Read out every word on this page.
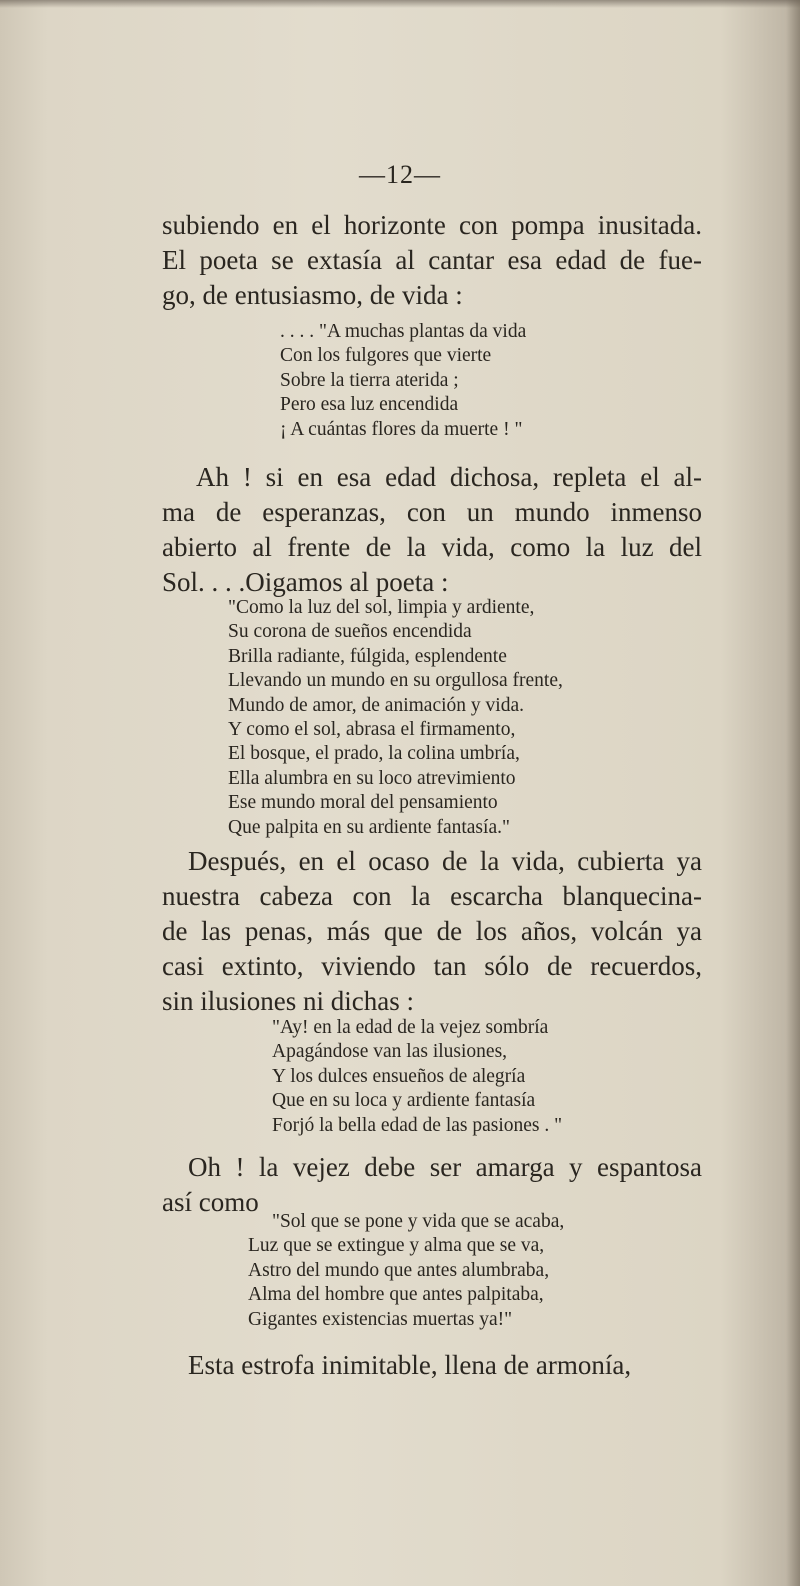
—12—
subiendo en el horizonte con pompa inusitada.
El poeta se extasía al cantar esa edad de fue-
go, de entusiasmo, de vida :
. . . . "A muchas plantas da vida
Con los fulgores que vierte
Sobre la tierra aterida ;
Pero esa luz encendida
¡ A cuántas flores da muerte ! "
Ah ! si en esa edad dichosa, repleta el al-
ma de esperanzas, con un mundo inmenso
abierto al frente de la vida, como la luz del
Sol. . . .Oigamos al poeta :
"Como la luz del sol, limpia y ardiente,
Su corona de sueños encendida
Brilla radiante, fúlgida, esplendente
Llevando un mundo en su orgullosa frente,
Mundo de amor, de animación y vida.
Y como el sol, abrasa el firmamento,
El bosque, el prado, la colina umbría,
Ella alumbra en su loco atrevimiento
Ese mundo moral del pensamiento
Que palpita en su ardiente fantasía."
Después, en el ocaso de la vida, cubierta ya
nuestra cabeza con la escarcha blanquecina-
de las penas, más que de los años, volcán ya
casi extinto, viviendo tan sólo de recuerdos,
sin ilusiones ni dichas :
"Ay! en la edad de la vejez sombría
Apagándose van las ilusiones,
Y los dulces ensueños de alegría
Que en su loca y ardiente fantasía
Forjó la bella edad de las pasiones . "
Oh ! la vejez debe ser amarga y espantosa
así como
"Sol que se pone y vida que se acaba,
Luz que se extingue y alma que se va,
Astro del mundo que antes alumbraba,
Alma del hombre que antes palpitaba,
Gigantes existencias muertas ya!"
Esta estrofa inimitable, llena de armonía,
